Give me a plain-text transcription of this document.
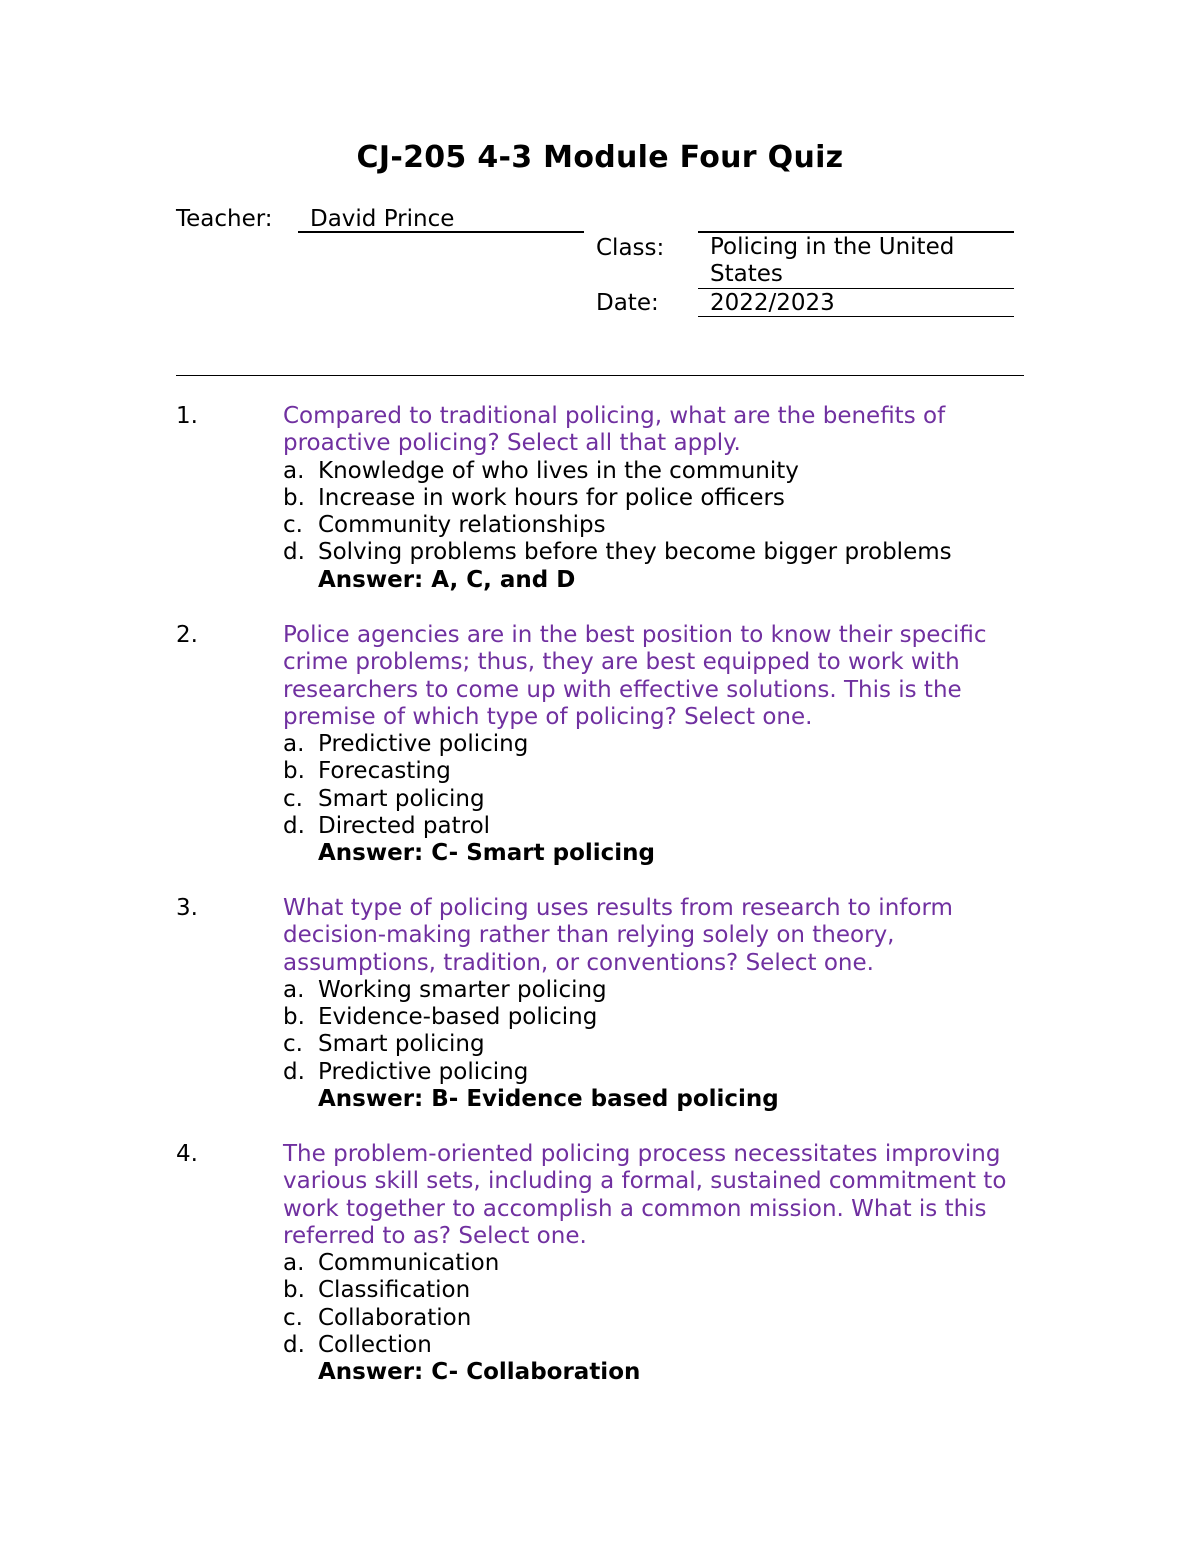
CJ-205 4-3 Module Four Quiz
Teacher:	David Prince
Class:	Policing in the United States
Date:	2022/2023
1.	Compared to traditional policing, what are the benefits of proactive policing? Select all that apply.
a. Knowledge of who lives in the community
b. Increase in work hours for police officers
c. Community relationships
d. Solving problems before they become bigger problems
Answer: A, C, and D
2.	Police agencies are in the best position to know their specific crime problems; thus, they are best equipped to work with researchers to come up with effective solutions. This is the premise of which type of policing? Select one.
a. Predictive policing
b. Forecasting
c. Smart policing
d. Directed patrol
Answer: C- Smart policing
3.	What type of policing uses results from research to inform decision-making rather than relying solely on theory, assumptions, tradition, or conventions? Select one.
a. Working smarter policing
b. Evidence-based policing
c. Smart policing
d. Predictive policing
Answer: B- Evidence based policing
4.	The problem-oriented policing process necessitates improving various skill sets, including a formal, sustained commitment to work together to accomplish a common mission. What is this referred to as? Select one.
a. Communication
b. Classification
c. Collaboration
d. Collection
Answer: C- Collaboration
